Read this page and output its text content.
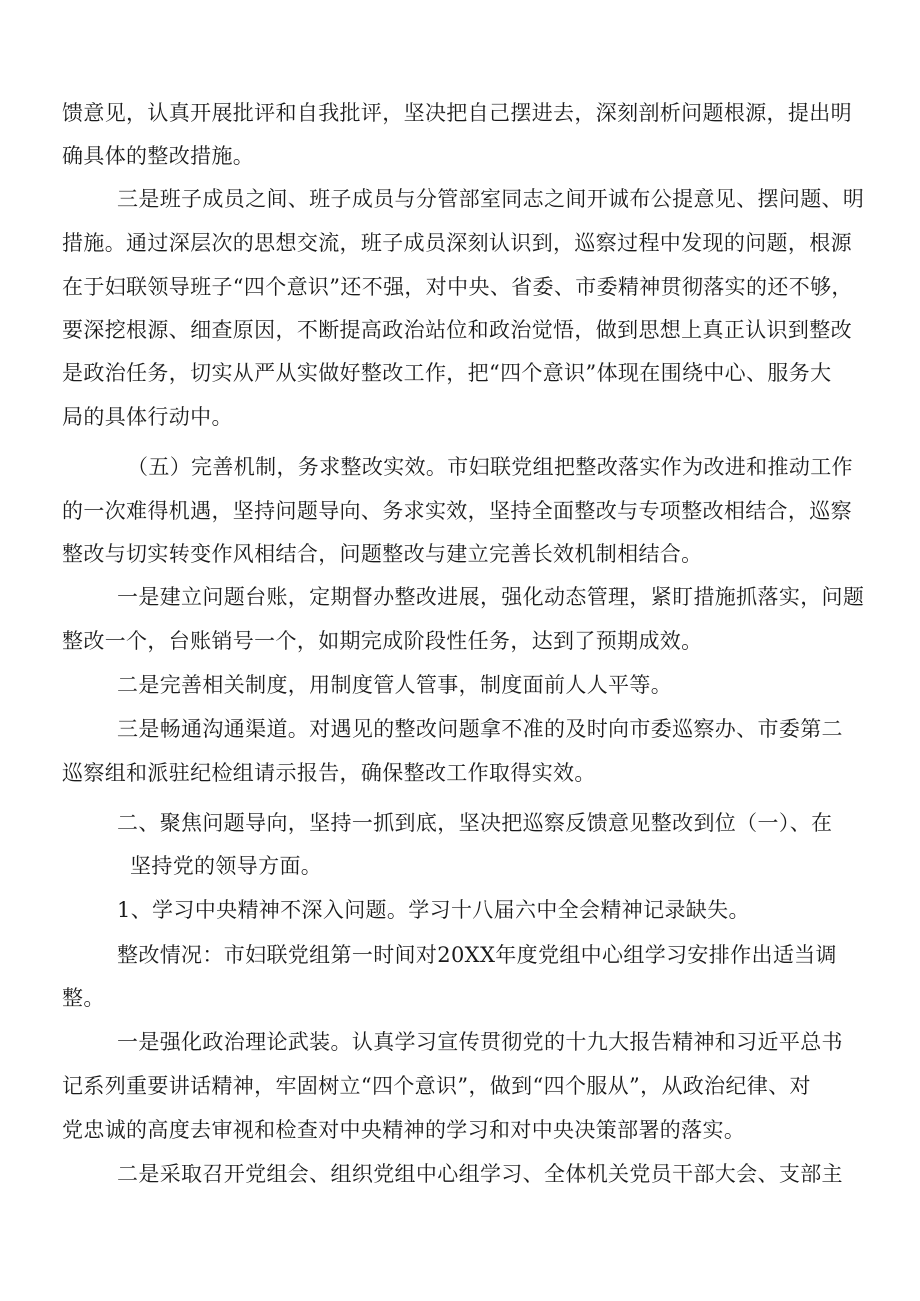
馈意见，认真开展批评和自我批评，坚决把自己摆进去，深刻剖析问题根源，提出明
确具体的整改措施。
三是班子成员之间、班子成员与分管部室同志之间开诚布公提意见、摆问题、明
措施。通过深层次的思想交流，班子成员深刻认识到，巡察过程中发现的问题，根源
在于妇联领导班子“四个意识”还不强，对中央、省委、市委精神贯彻落实的还不够，
要深挖根源、细查原因，不断提高政治站位和政治觉悟，做到思想上真正认识到整改
是政治任务，切实从严从实做好整改工作，把“四个意识”体现在围绕中心、服务大
局的具体行动中。
（五）完善机制，务求整改实效。市妇联党组把整改落实作为改进和推动工作
的一次难得机遇，坚持问题导向、务求实效，坚持全面整改与专项整改相结合，巡察
整改与切实转变作风相结合，问题整改与建立完善长效机制相结合。
一是建立问题台账，定期督办整改进展，强化动态管理，紧盯措施抓落实，问题
整改一个，台账销号一个，如期完成阶段性任务，达到了预期成效。
二是完善相关制度，用制度管人管事，制度面前人人平等。
三是畅通沟通渠道。对遇见的整改问题拿不准的及时向市委巡察办、市委第二
巡察组和派驻纪检组请示报告，确保整改工作取得实效。
二、聚焦问题导向，坚持一抓到底，坚决把巡察反馈意见整改到位（一）、在
坚持党的领导方面。
1、学习中央精神不深入问题。学习十八届六中全会精神记录缺失。
整改情况：市妇联党组第一时间对20XX年度党组中心组学习安排作出适当调
整。
一是强化政治理论武装。认真学习宣传贯彻党的十九大报告精神和习近平总书
记系列重要讲话精神，牢固树立“四个意识”，做到“四个服从”，从政治纪律、对
党忠诚的高度去审视和检查对中央精神的学习和对中央决策部署的落实。
二是采取召开党组会、组织党组中心组学习、全体机关党员干部大会、支部主
